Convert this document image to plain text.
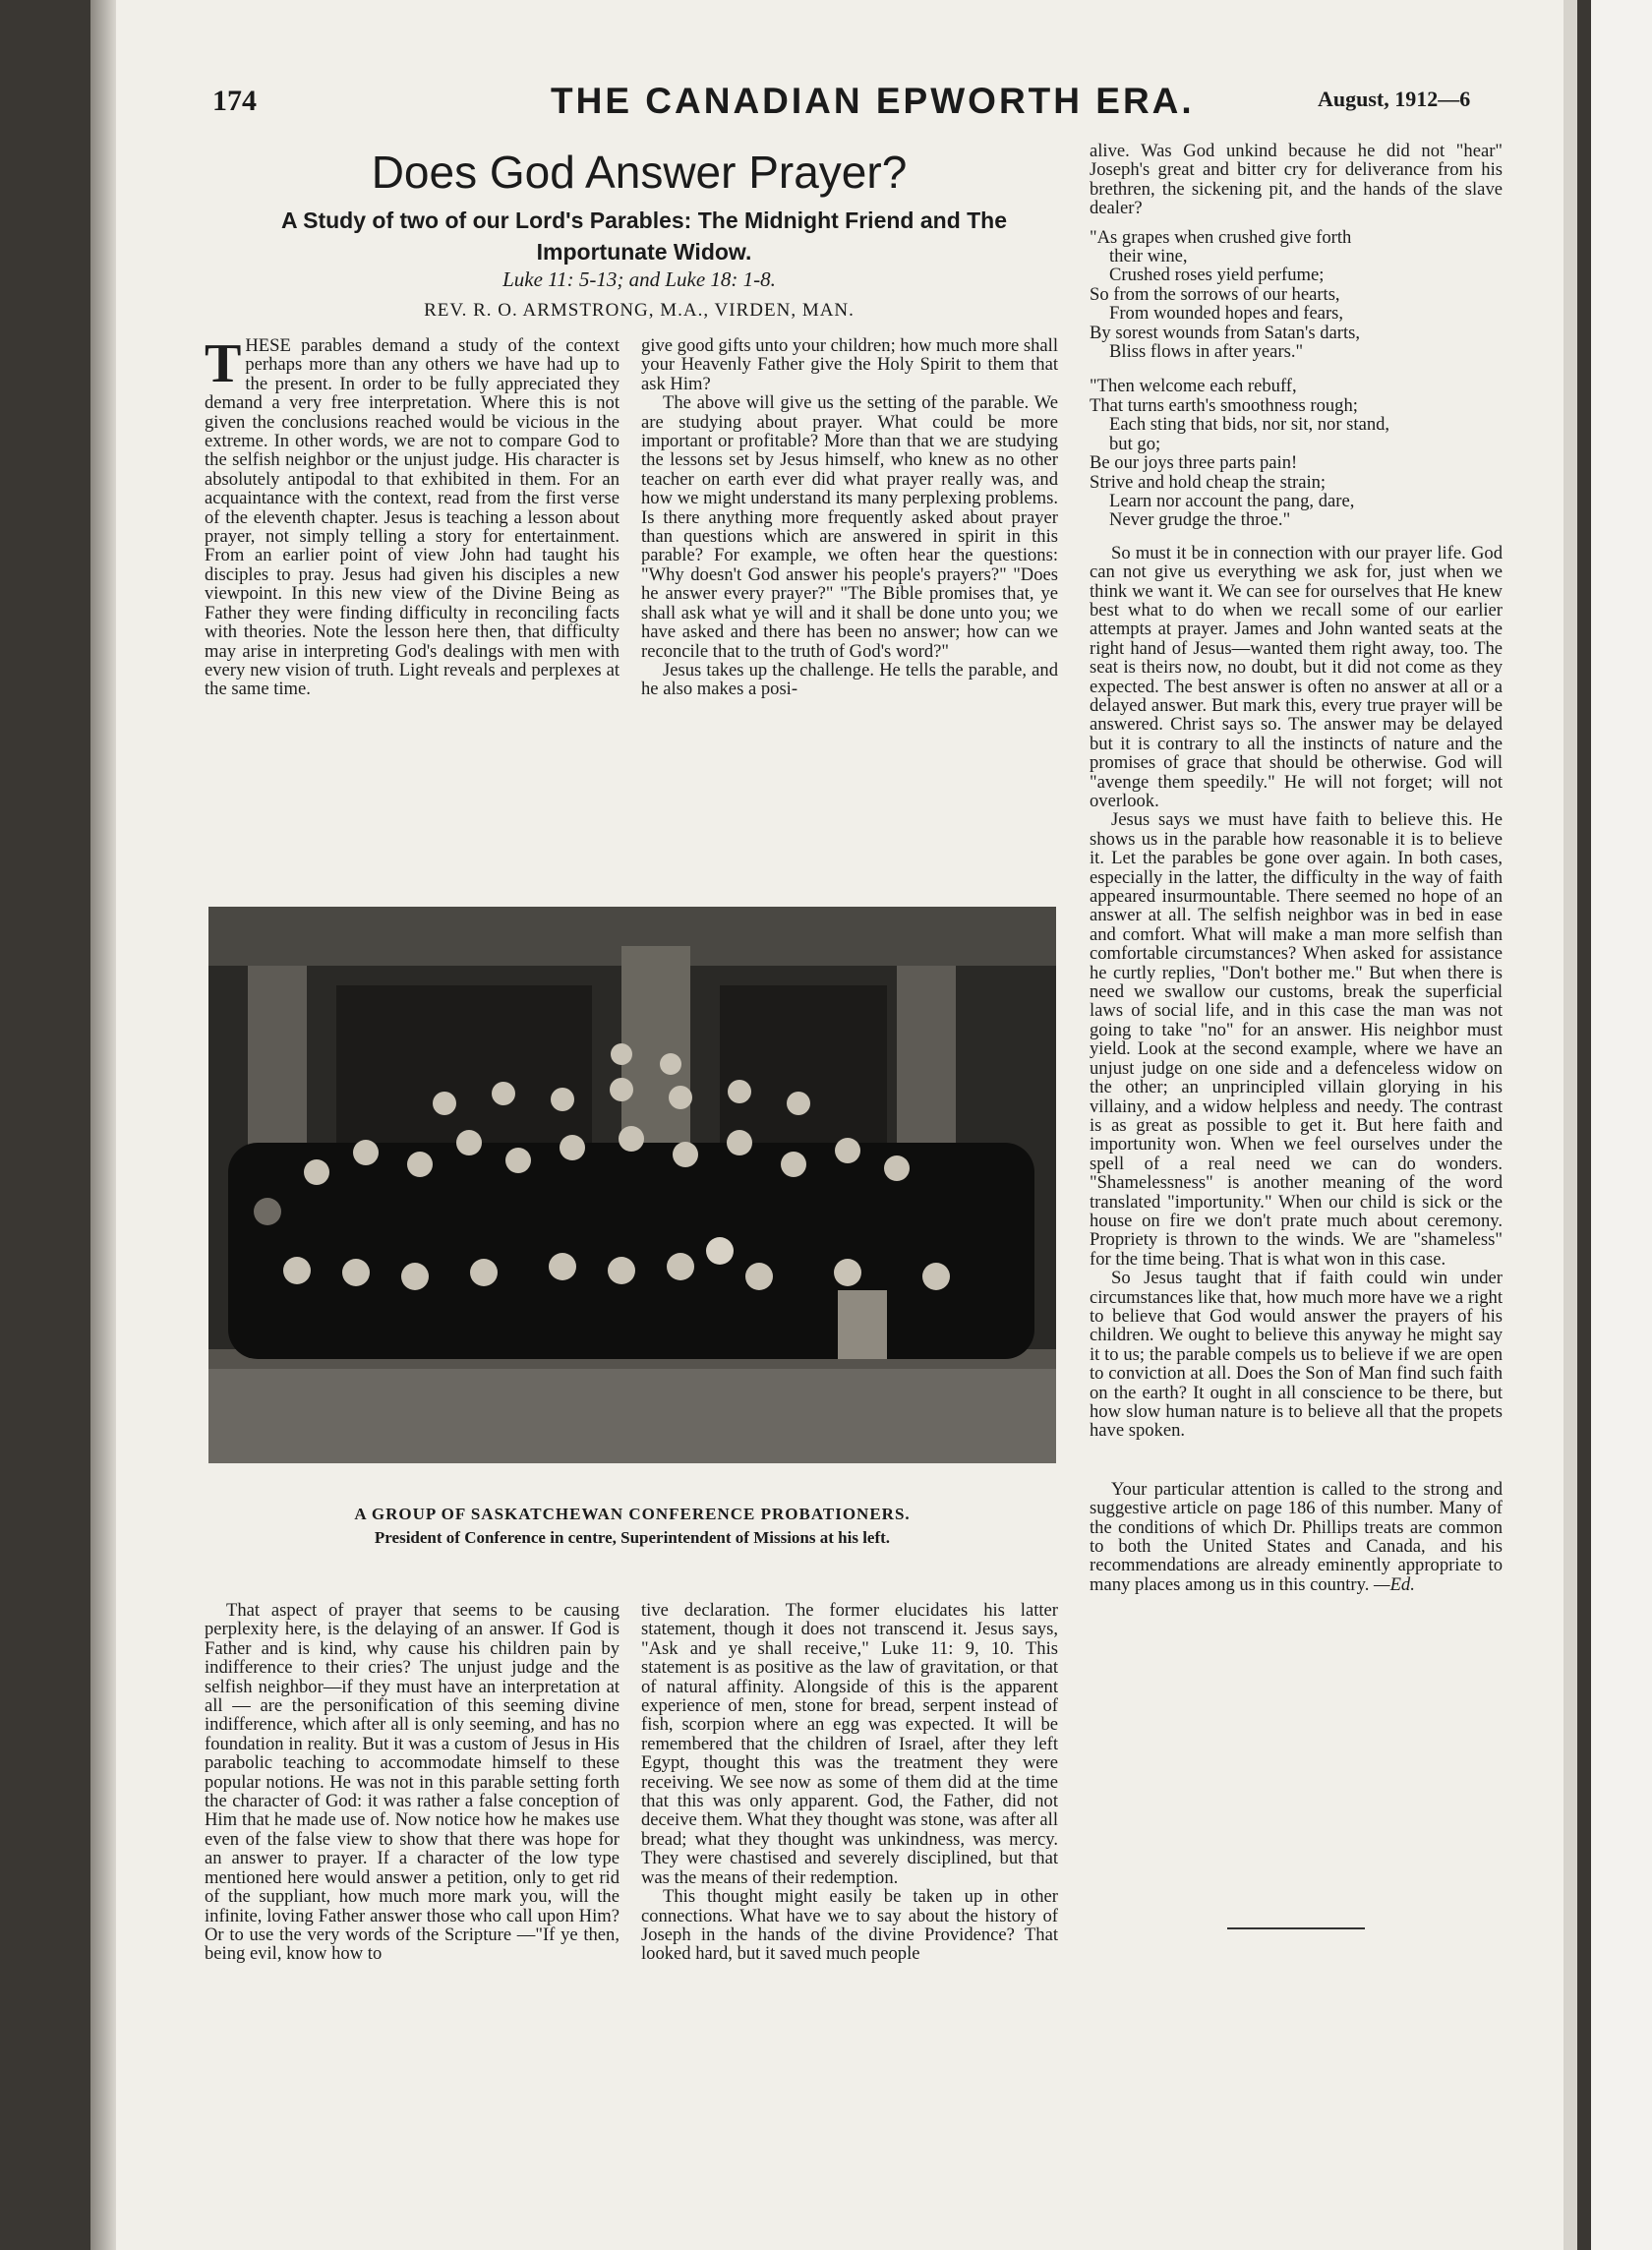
174	THE CANADIAN EPWORTH ERA.	August, 1912—6
Does God Answer Prayer?
A Study of two of our Lord's Parables: The Midnight Friend and The Importunate Widow.
Luke 11: 5-13; and Luke 18: 1-8.
REV. R. O. ARMSTRONG, M.A., VIRDEN, MAN.

THESE parables demand a study of the context perhaps more than any others we have had up to the present. In order to be fully appreciated they demand a very free interpretation. Where this is not given the conclusions reached would be vicious in the extreme. In other words, we are not to compare God to the selfish neighbor or the unjust judge. His character is absolutely antipodal to that exhibited in them. For an acquaintance with the context, read from the first verse of the eleventh chapter. Jesus is teaching a lesson about prayer, not simply telling a story for entertainment. From an earlier point of view John had taught his disciples to pray. Jesus had given his disciples a new viewpoint. In this new view of the Divine Being as Father they were finding difficulty in reconciling facts with theories. Note the lesson here then, that difficulty may arise in interpreting God's dealings with men with every new vision of truth. Light reveals and perplexes at the same time.

give good gifts unto your children; how much more shall your Heavenly Father give the Holy Spirit to them that ask Him?

The above will give us the setting of the parable. We are studying about prayer. What could be more important or profitable? More than that we are studying the lessons set by Jesus himself, who knew as no other teacher on earth ever did what prayer really was, and how we might understand its many perplexing problems. Is there anything more frequently asked about prayer than questions which are answered in spirit in this parable? For example, we often hear the questions: "Why doesn't God answer his people's prayers?" "Does he answer every prayer?" "The Bible promises that, ye shall ask what ye will and it shall be done unto you; we have asked and there has been no answer; how can we reconcile that to the truth of God's word?"

Jesus takes up the challenge. He tells the parable, and he also makes a posi-

alive. Was God unkind because he did not "hear" Joseph's great and bitter cry for deliverance from his brethren, the sickening pit, and the hands of the slave dealer?

"As grapes when crushed give forth
their wine,
Crushed roses yield perfume;
So from the sorrows of our hearts,
From wounded hopes and fears,
By sorest wounds from Satan's darts,
Bliss flows in after years."
"Then welcome each rebuff,
That turns earth's smoothness rough;
Each sting that bids, nor sit, nor stand,
but go;
Be our joys three parts pain!
Strive and hold cheap the strain;
Learn nor account the pang, dare,
Never grudge the throe."

So must it be in connection with our prayer life. God can not give us everything we ask for, just when we think we want it. We can see for ourselves that He knew best what to do when we recall some of our earlier attempts at prayer. James and John wanted seats at the right hand of Jesus—wanted them right away, too. The seat is theirs now, no doubt, but it did not come as they expected. The best answer is often no answer at all or a delayed answer. But mark this, every true prayer will be answered. Christ says so. The answer may be delayed but it is contrary to all the instincts of nature and the promises of grace that should be otherwise. God will "avenge them speedily." He will not forget; will not overlook.

Jesus says we must have faith to believe this. He shows us in the parable how reasonable it is to believe it. Let the parables be gone over again. In both cases, especially in the latter, the difficulty in the way of faith appeared insurmountable. There seemed no hope of an answer at all. The selfish neighbor was in bed in ease and comfort. What will make a man more selfish than comfortable circumstances? When asked for assistance he curtly replies, "Don't bother me." But when there is need we swallow our customs, break the superficial laws of social life, and in this case the man was not going to take "no" for an answer. His neighbor must yield. Look at the second example, where we have an unjust judge on one side and a defenceless widow on the other; an unprincipled villain glorying in his villainy, and a widow helpless and needy. The contrast is as great as possible to get it. But here faith and importunity won. When we feel ourselves under the spell of a real need we can do wonders. "Shamelessness" is another meaning of the word translated "importunity." When our child is sick or the house on fire we don't prate much about ceremony. Propriety is thrown to the winds. We are "shameless" for the time being. That is what won in this case.

So Jesus taught that if faith could win under circumstances like that, how much more have we a right to believe that God would answer the prayers of his children. We ought to believe this anyway he might say it to us; the parable compels us to believe if we are open to conviction at all. Does the Son of Man find such faith on the earth? It ought in all conscience to be there, but how slow human nature is to believe all that the propets have spoken.

Your particular attention is called to the strong and suggestive article on page 186 of this number. Many of the conditions of which Dr. Phillips treats are common to both the United States and Canada, and his recommendations are already eminently appropriate to many places among us in this country. —Ed.

A GROUP OF SASKATCHEWAN CONFERENCE PROBATIONERS.
President of Conference in centre, Superintendent of Missions at his left.

That aspect of prayer that seems to be causing perplexity here, is the delaying of an answer. If God is Father and is kind, why cause his children pain by indifference to their cries? The unjust judge and the selfish neighbor—if they must have an interpretation at all — are the personification of this seeming divine indifference, which after all is only seeming, and has no foundation in reality. But it was a custom of Jesus in His parabolic teaching to accommodate himself to these popular notions. He was not in this parable setting forth the character of God: it was rather a false conception of Him that he made use of. Now notice how he makes use even of the false view to show that there was hope for an answer to prayer. If a character of the low type mentioned here would answer a petition, only to get rid of the suppliant, how much more mark you, will the infinite, loving Father answer those who call upon Him? Or to use the very words of the Scripture —"If ye then, being evil, know how to

tive declaration. The former elucidates his latter statement, though it does not transcend it. Jesus says, "Ask and ye shall receive," Luke 11: 9, 10. This statement is as positive as the law of gravitation, or that of natural affinity. Alongside of this is the apparent experience of men, stone for bread, serpent instead of fish, scorpion where an egg was expected. It will be remembered that the children of Israel, after they left Egypt, thought this was the treatment they were receiving. We see now as some of them did at the time that this was only apparent. God, the Father, did not deceive them. What they thought was stone, was after all bread; what they thought was unkindness, was mercy. They were chastised and severely disciplined, but that was the means of their redemption.

This thought might easily be taken up in other connections. What have we to say about the history of Joseph in the hands of the divine Providence? That looked hard, but it saved much people
